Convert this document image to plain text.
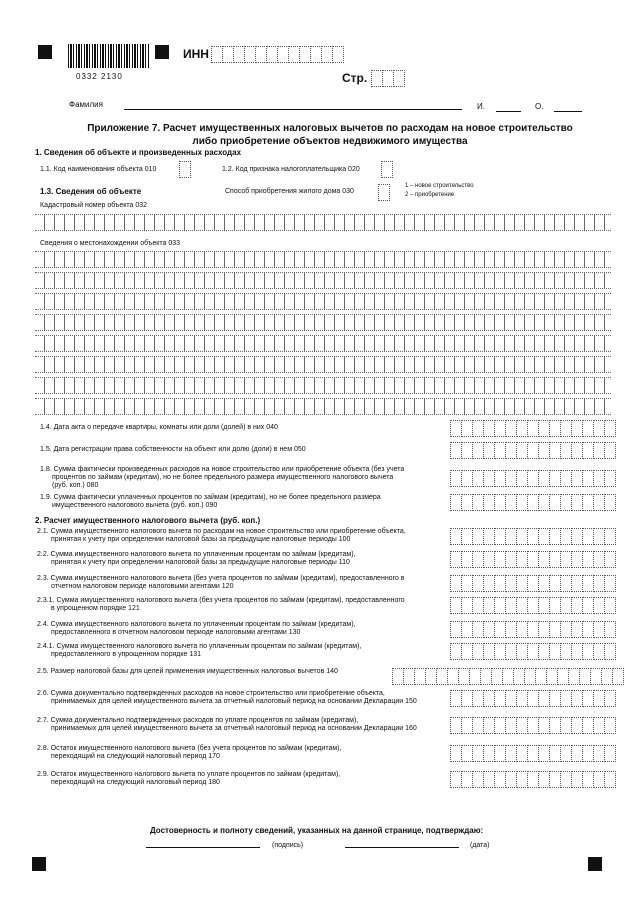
0332 2130
ИНН
Стр.
Фамилия	И.	О.
Приложение 7. Расчет имущественных налоговых вычетов по расходам на новое строительство
либо приобретение объектов недвижимого имущества
1. Сведения об объекте и произведенных расходах
1.1. Код наименования объекта 010	1.2. Код признака налогоплательщика 020
1.3. Сведения об объекте	Способ приобретения жилого дома 030
1 – новое строительство
2 – приобретение
Кадастровый номер объекта 032
Сведения о местонахождении объекта 033
1.4. Дата акта о передаче квартиры, комнаты или доли (долей) в них 040
1.5. Дата регистрации права собственности на объект или долю (доли) в нем 050
1.8. Сумма фактически произведенных расходов на новое строительство или приобретение объекта (без учета
процентов по займам (кредитам), но не более предельного размера имущественного налогового вычета
(руб. коп.) 080
1.9. Сумма фактически уплаченных процентов по займам (кредитам), но не более предельного размера
имущественного налогового вычета (руб. коп.) 090
2. Расчет имущественного налогового вычета (руб. коп.)
2.1. Сумма имущественного налогового вычета по расходам на новое строительство или приобретение объекта,
принятая к учету при определении налоговой базы за предыдущие налоговые периоды 100
2.2. Сумма имущественного налогового вычета по уплаченным процентам по займам (кредитам),
принятая к учету при определении налоговой базы за предыдущие налоговые периоды 110
2.3. Сумма имущественного налогового вычета (без учета процентов по займам (кредитам), предоставленного в
отчетном налоговом периоде налоговыми агентами 120
2.3.1. Сумма имущественного налогового вычета (без учета процентов по займам (кредитам), предоставленного
в упрощенном порядке 121
2.4. Сумма имущественного налогового вычета по уплаченным процентам по займам (кредитам),
предоставленного в отчетном налоговом периоде налоговыми агентами 130
2.4.1. Сумма имущественного налогового вычета по уплаченным процентам по займам (кредитам),
предоставленного в упрощенном порядке 131
2.5. Размер налоговой базы для целей применения имущественных налоговых вычетов 140
2.6. Сумма документально подтвержденных расходов на новое строительство или приобретение объекта,
принимаемых для целей имущественного вычета за отчетный налоговый период на основании Декларации 150
2.7. Сумма документально подтвержденных расходов по уплате процентов по займам (кредитам),
принимаемых для целей имущественного вычета за отчетный налоговый период на основании Декларации 160
2.8. Остаток имущественного налогового вычета (без учета процентов по займам (кредитам),
переходящий на следующий налоговый период 170
2.9. Остаток имущественного налогового вычета по уплате процентов по займам (кредитам),
переходящий на следующий налоговый период 180
Достоверность и полноту сведений, указанных на данной странице, подтверждаю:
(подпись)	(дата)
